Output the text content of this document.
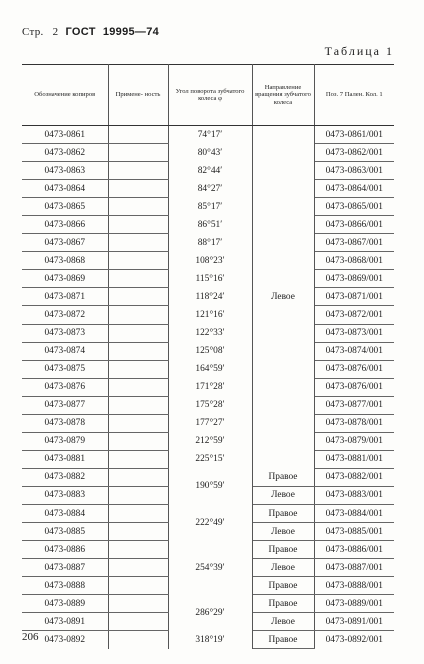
Стр. 2 ГОСТ 19995—74
Таблица 1
Обозначение копиров	Примене- ность	Угол поворота зубчатого колеса φ	Направление вращения зубчатого колеса	Поз. 7 Пален. Кол. 1
0473-0861		74°17′	Левое	0473-0861/001
0473-0862		80°43′		0473-0862/001
0473-0863		82°44′		0473-0863/001
0473-0864		84°27′		0473-0864/001
0473-0865		85°17′		0473-0865/001
0473-0866		86°51′		0473-0866/001
0473-0867		88°17′		0473-0867/001
0473-0868		108°23′		0473-0868/001
0473-0869		115°16′		0473-0869/001
0473-0871		118°24′		0473-0871/001
0473-0872		121°16′		0473-0872/001
0473-0873		122°33′		0473-0873/001
0473-0874		125°08′		0473-0874/001
0473-0875		164°59′		0473-0876/001
0473-0876		171°28′		0473-0876/001
0473-0877		175°28′		0473-0877/001
0473-0878		177°27′		0473-0878/001
0473-0879		212°59′		0473-0879/001
0473-0881		225°15′		0473-0881/001
0473-0882		190°59′	Правое	0473-0882/001
0473-0883			Левое	0473-0883/001
0473-0884		222°49′	Правое	0473-0884/001
0473-0885			Левое	0473-0885/001
0473-0886		254°39′	Правое	0473-0886/001
0473-0887			Левое	0473-0887/001
0473-0888			Правое	0473-0888/001
0473-0889		286°29′	Правое	0473-0889/001
0473-0891			Левое	0473-0891/001
0473-0892		318°19′	Правое	0473-0892/001
206
